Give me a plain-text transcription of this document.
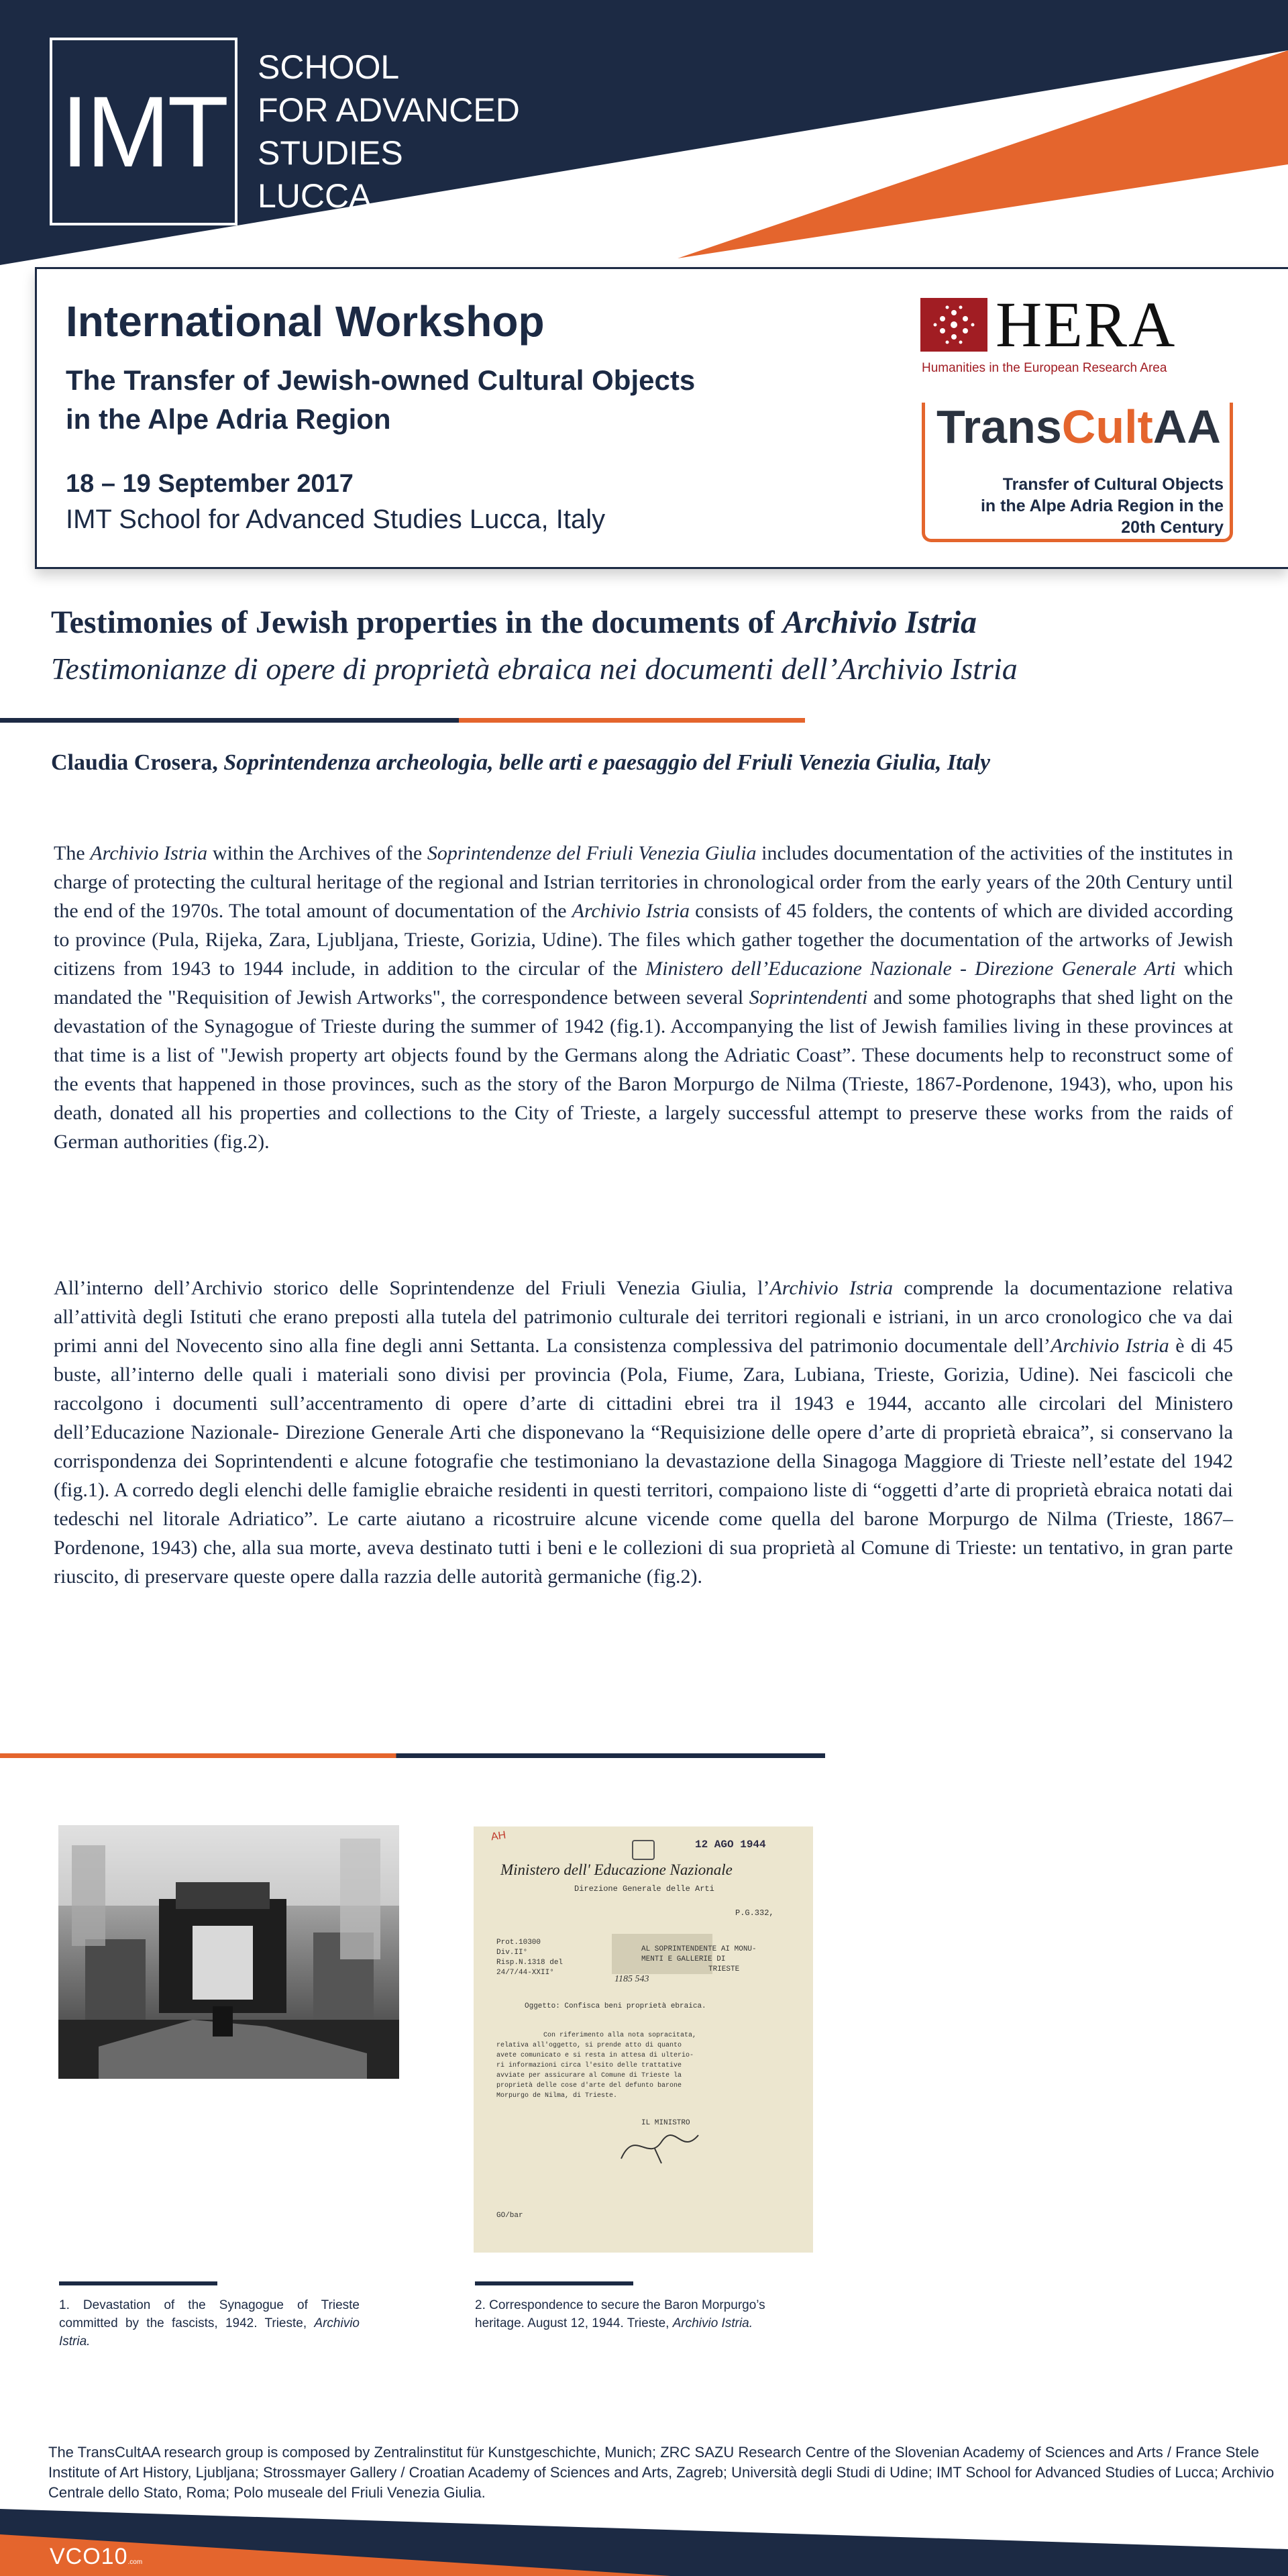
IMT
SCHOOL
FOR ADVANCED
STUDIES
LUCCA
International Workshop
The Transfer of Jewish-owned Cultural Objects
in the Alpe Adria Region
18 – 19 September 2017
IMT School for Advanced Studies Lucca, Italy
HERA
Humanities in the European Research Area
TransCultAA
Transfer of Cultural Objects
in the Alpe Adria Region in the
20th Century
Testimonies of Jewish properties in the documents of Archivio Istria
Testimonianze di opere di proprietà ebraica nei documenti dell’Archivio Istria
Claudia Crosera, Soprintendenza archeologia, belle arti e paesaggio del Friuli Venezia Giulia, Italy
The Archivio Istria within the Archives of the Soprintendenze del Friuli Venezia Giulia includes documentation of the activities of the institutes in charge of protecting the cultural heritage of the regional and Istrian territories in chronological order from the early years of the 20th Century until the end of the 1970s. The total amount of documentation of the Archivio Istria consists of 45 folders, the contents of which are divided according to province (Pula, Rijeka, Zara, Ljubljana, Trieste, Gorizia, Udine). The files which gather together the documentation of the artworks of Jewish citizens from 1943 to 1944 include, in addition to the circular of the Ministero dell’Educazione Nazionale - Direzione Generale Arti which mandated the "Requisition of Jewish Artworks", the correspondence between several Soprintendenti and some photographs that shed light on the devastation of the Synagogue of Trieste during the summer of 1942 (fig.1). Accompanying the list of Jewish families living in these provinces at that time is a list of "Jewish property art objects found by the Germans along the Adriatic Coast”. These documents help to reconstruct some of the events that happened in those provinces, such as the story of the Baron Morpurgo de Nilma (Trieste, 1867-Pordenone, 1943), who, upon his death, donated all his properties and collections to the City of Trieste, a largely successful attempt to preserve these works from the raids of German authorities (fig.2).
All’interno dell’Archivio storico delle Soprintendenze del Friuli Venezia Giulia, l’Archivio Istria comprende la documentazione relativa all’attività degli Istituti che erano preposti alla tutela del patrimonio culturale dei territori regionali e istriani, in un arco cronologico che va dai primi anni del Novecento sino alla fine degli anni Settanta. La consistenza complessiva del patrimonio documentale dell’Archivio Istria è di 45 buste, all’interno delle quali i materiali sono divisi per provincia (Pola, Fiume, Zara, Lubiana, Trieste, Gorizia, Udine). Nei fascicoli che raccolgono i documenti sull’accentramento di opere d’arte di cittadini ebrei tra il 1943 e 1944, accanto alle circolari del Ministero dell’Educazione Nazionale- Direzione Generale Arti che disponevano la “Requisizione delle opere d’arte di proprietà ebraica”, si conservano la corrispondenza dei Soprintendenti e alcune fotografie che testimoniano la devastazione della Sinagoga Maggiore di Trieste nell’estate del 1942 (fig.1). A corredo degli elenchi delle famiglie ebraiche residenti in questi territori, compaiono liste di “oggetti d’arte di proprietà ebraica notati dai tedeschi nel litorale Adriatico”. Le carte aiutano a ricostruire alcune vicende come quella del barone Morpurgo de Nilma (Trieste, 1867–Pordenone, 1943) che, alla sua morte, aveva destinato tutti i beni e le collezioni di sua proprietà al Comune di Trieste: un tentativo, in gran parte riuscito, di preservare queste opere dalla razzia delle autorità germaniche (fig.2).
AH
12 AGO 1944
Ministero dell' Educazione Nazionale
Direzione Generale delle Arti
P.G.332,
Prot.10300
Div.II°
Risp.N.1318 del
24/7/44-XXII°
AL SOPRINTENDENTE AI MONU-
MENTI E GALLERIE DI
TRIESTE
1185 543
Oggetto: Confisca beni proprietà ebraica.
Con riferimento alla nota sopracitata,
relativa all'oggetto, si prende atto di quanto
avete comunicato e si resta in attesa di ulterio-
ri informazioni circa l'esito delle trattative
avviate per assicurare al Comune di Trieste la
proprietà delle cose d'arte del defunto barone
Morpurgo de Nilma, di Trieste.
IL MINISTRO
GO/bar
1. Devastation of the Synagogue of Trieste committed by the fascists, 1942. Trieste, Archivio Istria.
2. Correspondence to secure the Baron Morpurgo’s heritage. August 12, 1944. Trieste, Archivio Istria.
The TransCultAA research group is composed by Zentralinstitut für Kunstgeschichte, Munich; ZRC SAZU Research Centre of the Slovenian Academy of Sciences and Arts / France Stele Institute of Art History, Ljubljana; Strossmayer Gallery / Croatian Academy of Sciences and Arts, Zagreb; Università degli Studi di Udine; IMT School for Advanced Studies of Lucca; Archivio Centrale dello Stato, Roma; Polo museale del Friuli Venezia Giulia.
VCO10.com
